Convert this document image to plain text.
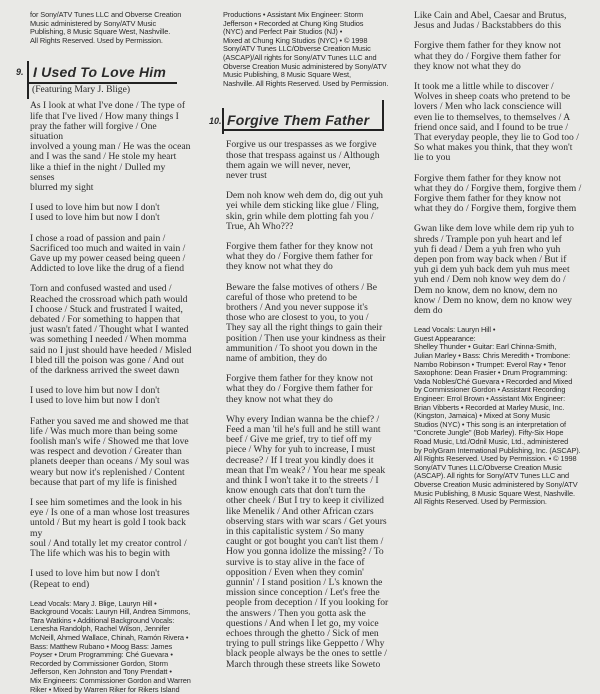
for Sony/ATV Tunes LLC and Obverse Creation
Music administered by Sony/ATV Music
Publishing, 8 Music Square West, Nashville.
All Rights Reserved. Used by Permission.
9. I Used To Love Him
(Featuring Mary J. Blige)
As I look at what I've done / The type of
life that I've lived / How many things I
pray the father will forgive / One situation
involved a young man / He was the ocean
and I was the sand / He stole my heart
like a thief in the night / Dulled my senses
blurred my sight
I used to love him but now I don't
I used to love him but now I don't
I chose a road of passion and pain /
Sacrificed too much and waited in vain /
Gave up my power ceased being queen /
Addicted to love like the drug of a fiend
Torn and confused wasted and used /
Reached the crossroad which path would
I choose / Stuck and frustrated I waited,
debated / For something to happen that
just wasn't fated / Thought what I wanted
was something I needed / When momma
said no I just should have heeded / Misled
I bled till the poison was gone / And out
of the darkness arrived the sweet dawn
I used to love him but now I don't
I used to love him but now I don't
Father you saved me and showed me that
life / Was much more than being some
foolish man's wife / Showed me that love
was respect and devotion / Greater than
planets deeper than oceans / My soul was
weary but now it's replenished / Content
because that part of my life is finished
I see him sometimes and the look in his
eye / Is one of a man whose lost treasures
untold / But my heart is gold I took back my
soul / And totally let my creator control /
The life which was his to begin with
I used to love him but now I don't
(Repeat to end)
Lead Vocals: Mary J. Blige, Lauryn Hill •
Background Vocals: Lauryn Hill, Andrea Simmons,
Tara Watkins • Additional Background Vocals:
Lenesha Randolph, Rachel Wilson, Jennifer
McNeill, Ahmed Wallace, Chinah, Ramón Rivera •
Bass: Matthew Rubano • Moog Bass: James
Poyser • Drum Programming: Ché Guevara •
Recorded by Commissioner Gordon, Storm
Jefferson, Ken Johnston and Tony Prendatt •
Mix Engineers: Commissioner Gordon and Warren
Riker • Mixed by Warren Riker for Rikers Island
Productions • Assistant Mix Engineer: Storm
Jefferson • Recorded at Chung King Studios
(NYC) and Perfect Pair Studios (NJ) •
Mixed at Chung King Studios (NYC) • © 1998
Sony/ATV Tunes LLC/Obverse Creation Music
(ASCAP)/All rights for Sony/ATV Tunes LLC and
Obverse Creation Music administered by Sony/ATV
Music Publishing, 8 Music Square West,
Nashville. All Rights Reserved. Used by Permission.
10. Forgive Them Father
Forgive us our trespasses as we forgive
those that trespass against us / Although
them again we will never, never,
never trust
Dem noh know weh dem do, dig out yuh
yei while dem sticking like glue / Fling,
skin, grin while dem plotting fah you /
True, Ah Who???
Forgive them father for they know not
what they do / Forgive them father for
they know not what they do
Beware the false motives of others / Be
careful of those who pretend to be
brothers / And you never suppose it's
those who are closest to you, to you /
They say all the right things to gain their
position / Then use your kindness as their
ammunition / To shoot you down in the
name of ambition, they do
Forgive them father for they know not
what they do / Forgive them father for
they know not what they do
Why every Indian wanna be the chief? /
Feed a man 'til he's full and he still want
beef / Give me grief, try to tief off my
piece / Why for yuh to increase, I must
decrease? / If I treat you kindly does it
mean that I'm weak? / You hear me speak
and think I won't take it to the streets / I
know enough cats that don't turn the
other cheek / But I try to keep it civilized
like Menelik / And other African czars
observing stars with war scars / Get yours
in this capitalistic system / So many
caught or got bought you can't list them /
How you gonna idolize the missing? / To
survive is to stay alive in the face of
opposition / Even when they comin'
gunnin' / I stand position / L's known the
mission since conception / Let's free the
people from deception / If you looking for
the answers / Then you gotta ask the
questions / And when I let go, my voice
echoes through the ghetto / Sick of men
trying to pull strings like Geppetto / Why
black people always be the ones to settle /
March through these streets like Soweto
Like Cain and Abel, Caesar and Brutus,
Jesus and Judas / Backstabbers do this
Forgive them father for they know not
what they do / Forgive them father for
they know not what they do
It took me a little while to discover /
Wolves in sheep coats who pretend to be
lovers / Men who lack conscience will
even lie to themselves, to themselves / A
friend once said, and I found to be true /
That everyday people, they lie to God too /
So what makes you think, that they won't
lie to you
Forgive them father for they know not
what they do / Forgive them, forgive them /
Forgive them father for they know not
what they do / Forgive them, forgive them
Gwan like dem love while dem rip yuh to
shreds / Trample pon yuh heart and lef
yuh fi dead / Dem a yuh fren who yuh
depen pon from way back when / But if
yuh gi dem yuh back dem yuh mus meet
yuh end / Dem noh know wey dem do /
Dem no know, dem no know, dem no
know / Dem no know, dem no know wey
dem do
Lead Vocals: Lauryn Hill •
Guest Appearance:
Shelley Thunder • Guitar: Earl Chinna-Smith,
Julian Marley • Bass: Chris Meredith • Trombone:
Nambo Robinson • Trumpet: Everol Ray • Tenor
Saxophone: Dean Frasier • Drum Programming:
Vada Nobles/Ché Guevara • Recorded and Mixed
by Commissioner Gordon • Assistant Recording
Engineer: Errol Brown • Assistant Mix Engineer:
Brian Vibberts • Recorded at Marley Music, Inc.
(Kingston, Jamaica) • Mixed at Sony Music
Studios (NYC) • This song is an interpretation of
"Concrete Jungle" (Bob Marley). Fifty-Six Hope
Road Music, Ltd./Odnil Music, Ltd., administered
by PolyGram International Publishing, Inc. (ASCAP).
All Rights Reserved. Used by Permission. • © 1998
Sony/ATV Tunes LLC/Obverse Creation Music
(ASCAP). All rights for Sony/ATV Tunes LLC and
Obverse Creation Music administered by Sony/ATV
Music Publishing, 8 Music Square West, Nashville.
All Rights Reserved. Used by Permission.
